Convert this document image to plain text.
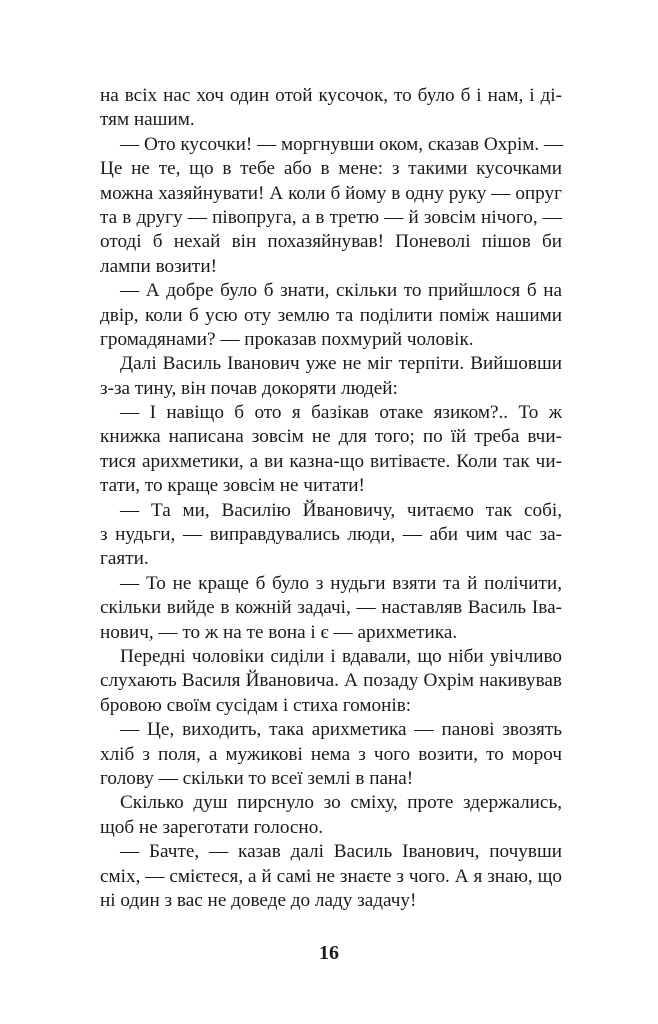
на всіх нас хоч один отой кусочок, то було б і нам, і ді-
тям нашим.
— Ото кусочки! — моргнувши оком, сказав Охрім. —
Це не те, що в тебе або в мене: з такими кусочками
можна хазяйнувати! А коли б йому в одну руку — опруг
та в другу — півопруга, а в третю — й зовсім нічого, —
отоді б нехай він похазяйнував! Поневолі пішов би
лампи возити!
— А добре було б знати, скільки то прийшлося б на
двір, коли б усю оту землю та поділити поміж нашими
громадянами? — проказав похмурий чоловік.
Далі Василь Іванович уже не міг терпіти. Вийшовши
з-за тину, він почав докоряти людей:
— І навіщо б ото я базікав отаке язиком?.. То ж
книжка написана зовсім не для того; по їй треба вчи-
тися арихметики, а ви казна-що витіваєте. Коли так чи-
тати, то краще зовсім не читати!
— Та ми, Василію Йвановичу, читаємо так собі,
з нудьги, — виправдувались люди, — аби чим час за-
гаяти.
— То не краще б було з нудьги взяти та й полічити,
скільки вийде в кожній задачі, — наставляв Василь Іва-
нович, — то ж на те вона і є — арихметика.
Передні чоловіки сиділи і вдавали, що ніби увічливо
слухають Василя Йвановича. А позаду Охрім накивував
бровою своїм сусідам і стиха гомонів:
— Це, виходить, така арихметика — панові звозять
хліб з поля, а мужикові нема з чого возити, то мороч
голову — скільки то всеї землі в пана!
Скілько душ пирснуло зо сміху, проте здержались,
щоб не зареготати голосно.
— Бачте, — казав далі Василь Іванович, почувши
сміх, — смієтеся, а й самі не знаєте з чого. А я знаю, що
ні один з вас не доведе до ладу задачу!
16
